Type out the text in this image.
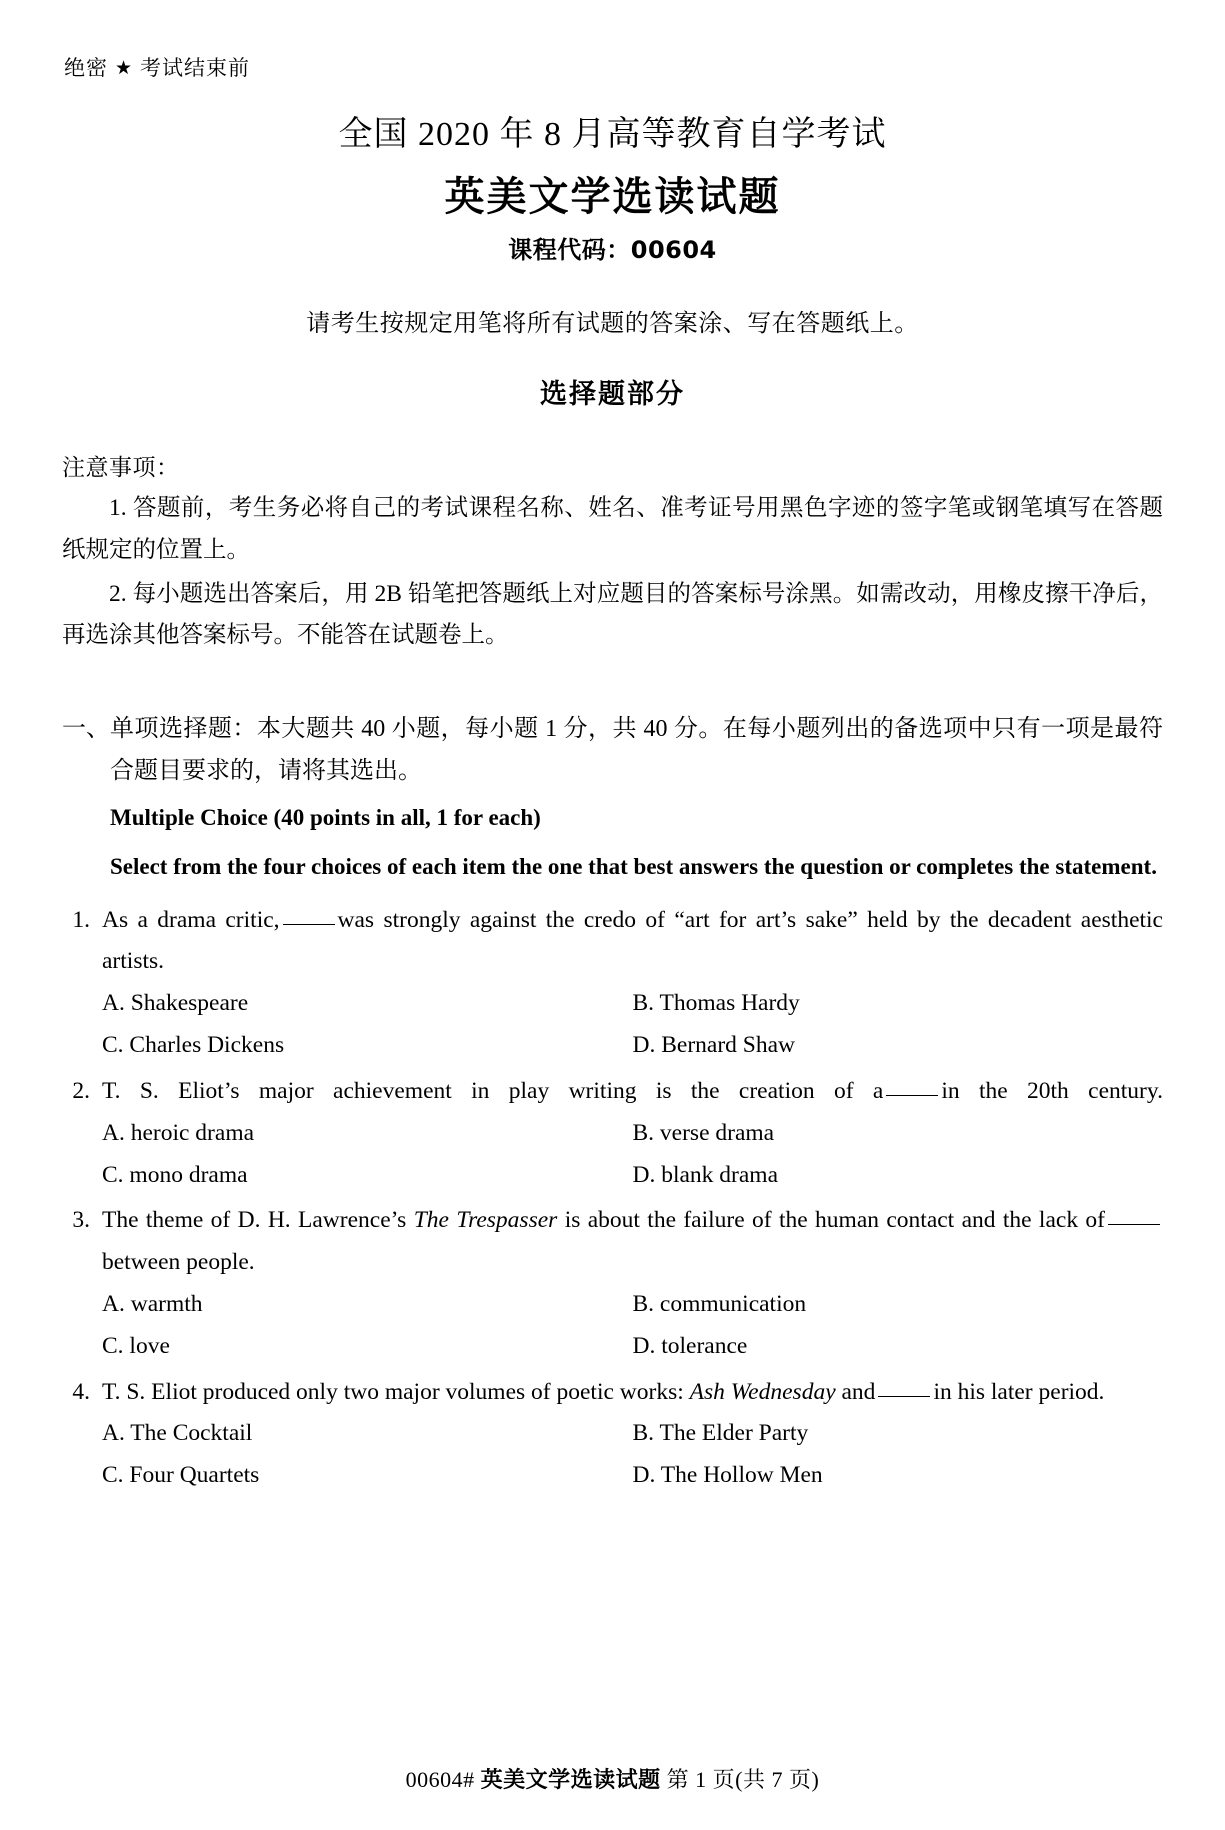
绝密 ★ 考试结束前
全国 2020 年 8 月高等教育自学考试
英美文学选读试题
课程代码：00604
请考生按规定用笔将所有试题的答案涂、写在答题纸上。
选择题部分
注意事项：
1. 答题前，考生务必将自己的考试课程名称、姓名、准考证号用黑色字迹的签字笔或钢笔填写在答题纸规定的位置上。
2. 每小题选出答案后，用 2B 铅笔把答题纸上对应题目的答案标号涂黑。如需改动，用橡皮擦干净后，再选涂其他答案标号。不能答在试题卷上。
一、 单项选择题：本大题共 40 小题，每小题 1 分，共 40 分。在每小题列出的备选项中只有一项是最符合题目要求的，请将其选出。
Multiple Choice (40 points in all, 1 for each)
Select from the four choices of each item the one that best answers the question or completes the statement.
1. As a drama critic, was strongly against the credo of “art for art’s sake” held by the decadent aesthetic artists.
A. Shakespeare	B. Thomas Hardy
C. Charles Dickens	D. Bernard Shaw
2. T. S. Eliot’s major achievement in play writing is the creation of a in the 20th century.
A. heroic drama	B. verse drama
C. mono drama	D. blank drama
3. The theme of D. H. Lawrence’s The Trespasser is about the failure of the human contact and the lack ofbetween people.
A. warmth	B. communication
C. love	D. tolerance
4. T. S. Eliot produced only two major volumes of poetic works: Ash Wednesday and in his later period.
A. The Cocktail	B. The Elder Party
C. Four Quartets	D. The Hollow Men
00604# 英美文学选读试题 第 1 页(共 7 页)
